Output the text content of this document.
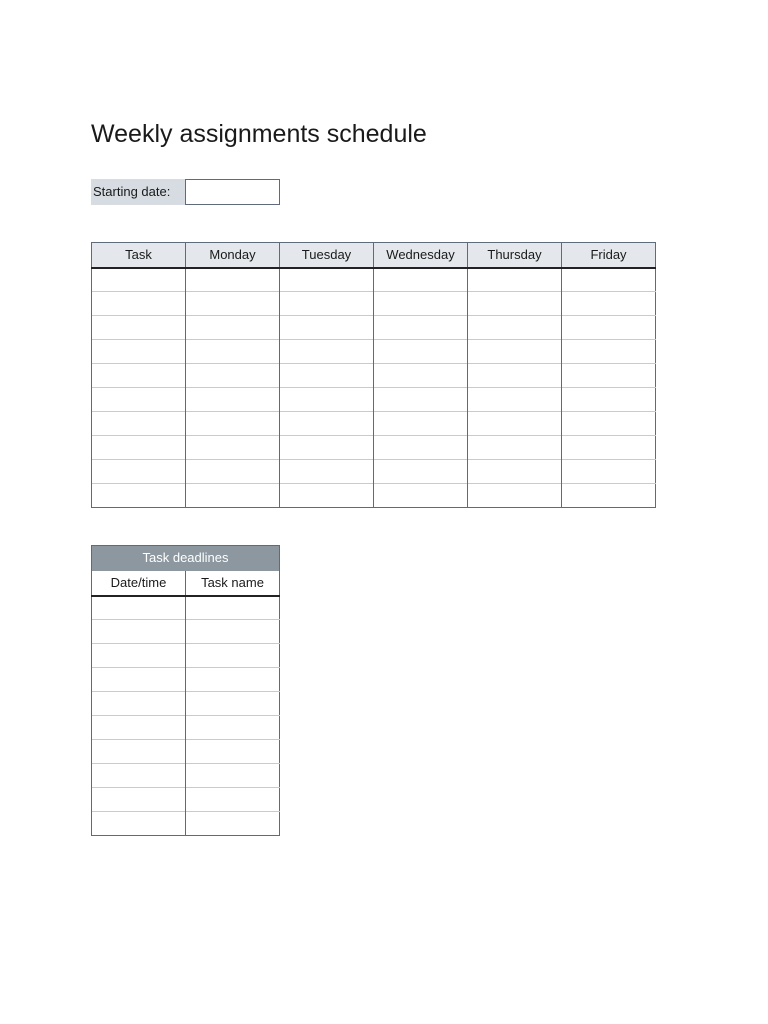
Weekly assignments schedule
Starting date:
Task	Monday	Tuesday	Wednesday	Thursday	Friday

Task deadlines	
Date/time	Task name
